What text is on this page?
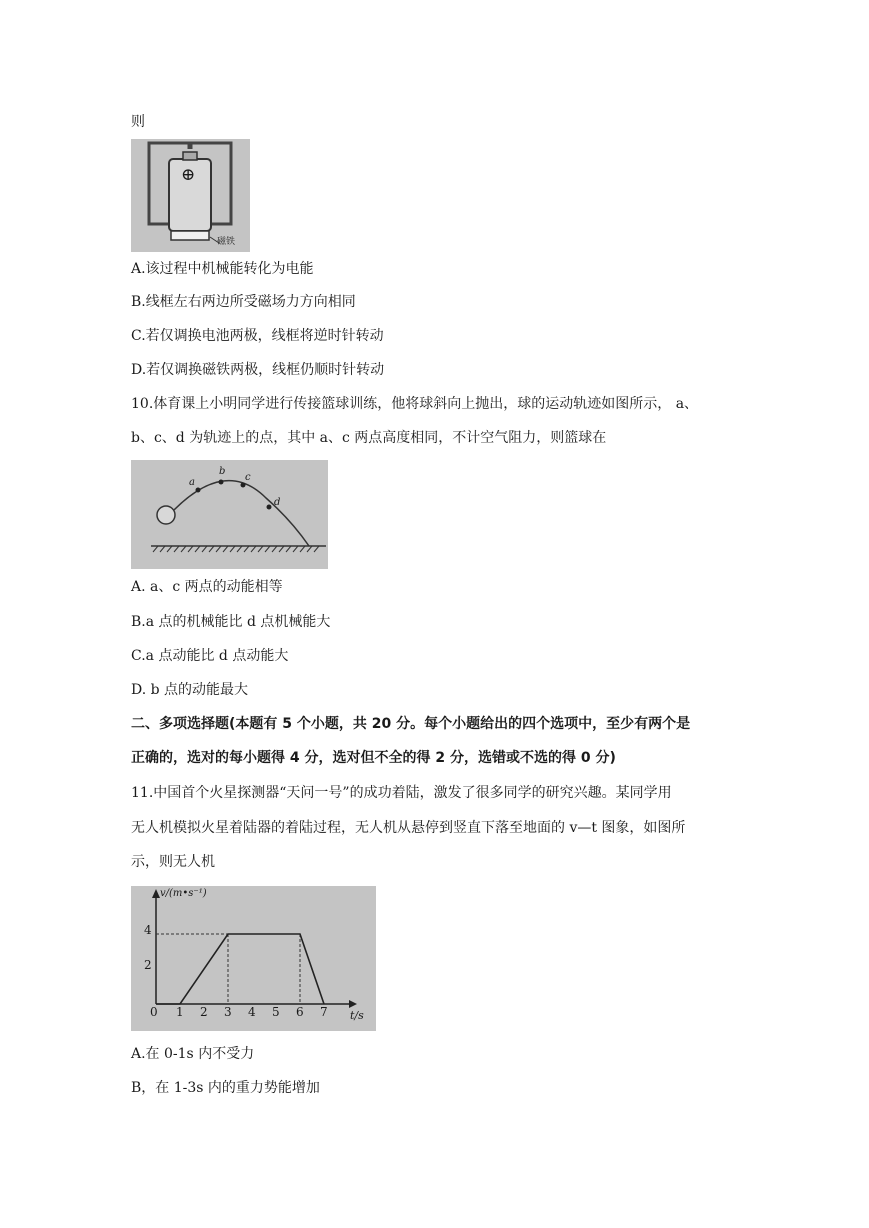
则
⊕
磁铁
A.该过程中机械能转化为电能
B.线框左右两边所受磁场力方向相同
C.若仅调换电池两极，线框将逆时针转动
D.若仅调换磁铁两极，线框仍顺时针转动
10.体育课上小明同学进行传接篮球训练，他将球斜向上抛出，球的运动轨迹如图所示， a、
b、c、d 为轨迹上的点，其中 a、c 两点高度相同，不计空气阻力，则篮球在
a
b
c
d
A. a、c 两点的动能相等
B.a 点的机械能比 d 点机械能大
C.a 点动能比 d 点动能大
D. b 点的动能最大
二、多项选择题(本题有 5 个小题，共 20 分。每个小题给出的四个选项中，至少有两个是
正确的，选对的每小题得 4 分，选对但不全的得 2 分，选错或不选的得 0 分)
11.中国首个火星探测器“天问一号”的成功着陆，激发了很多同学的研究兴趣。某同学用
无人机模拟火星着陆器的着陆过程，无人机从悬停到竖直下落至地面的 v—t 图象，如图所
示，则无人机
v/(m•s⁻¹)
t/s
4
2
0 1 2 3 4 5 6 7
A.在 0-1s 内不受力
B，在 1-3s 内的重力势能增加
